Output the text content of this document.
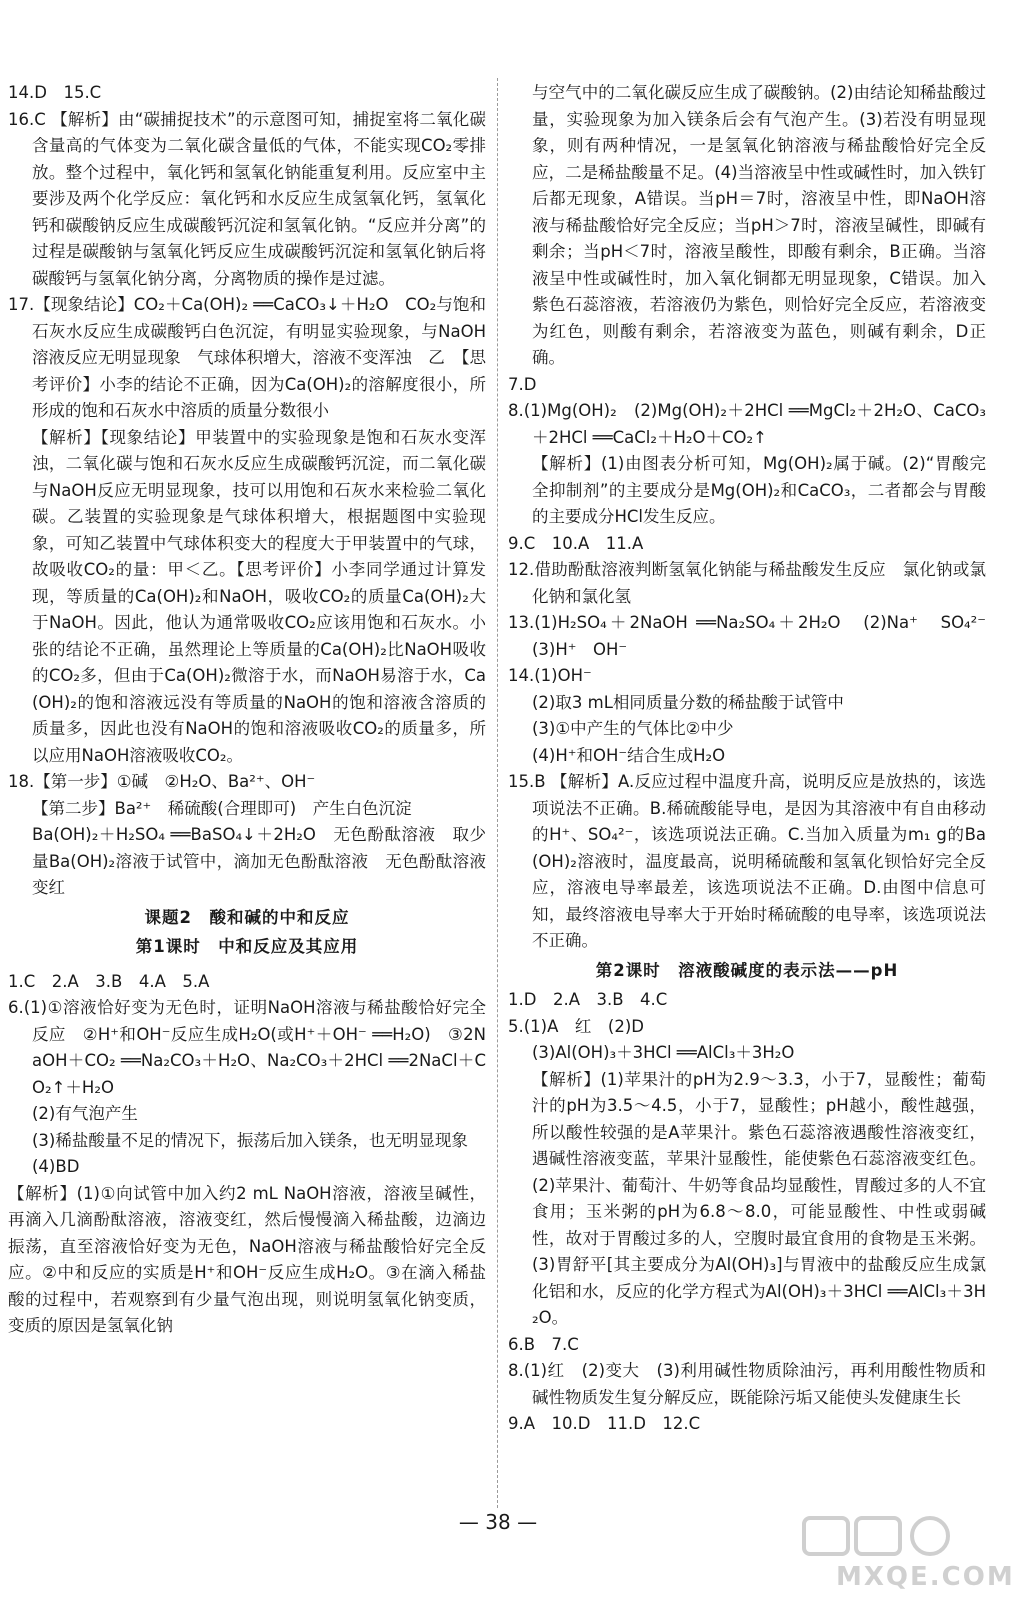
14.D　15.C

16.C 【解析】由“碳捕捉技术”的示意图可知，捕捉室将二氧化碳含量高的气体变为二氧化碳含量低的气体，不能实现CO₂零排放。整个过程中，氧化钙和氢氧化钠能重复利用。反应室中主要涉及两个化学反应：氧化钙和水反应生成氢氧化钙，氢氧化钙和碳酸钠反应生成碳酸钙沉淀和氢氧化钠。“反应并分离”的过程是碳酸钠与氢氧化钙反应生成碳酸钙沉淀和氢氧化钠后将碳酸钙与氢氧化钠分离，分离物质的操作是过滤。

17.【现象结论】CO₂＋Ca(OH)₂ ══CaCO₃↓＋H₂O　CO₂与饱和石灰水反应生成碳酸钙白色沉淀，有明显实验现象，与NaOH溶液反应无明显现象　气球体积增大，溶液不变浑浊　乙　【思考评价】小李的结论不正确，因为Ca(OH)₂的溶解度很小，所形成的饱和石灰水中溶质的质量分数很小

【解析】【现象结论】甲装置中的实验现象是饱和石灰水变浑浊，二氧化碳与饱和石灰水反应生成碳酸钙沉淀，而二氧化碳与NaOH反应无明显现象，技可以用饱和石灰水来检验二氧化碳。乙装置的实验现象是气球体积增大，根据题图中实验现象，可知乙装置中气球体积变大的程度大于甲装置中的气球，故吸收CO₂的量：甲＜乙。【思考评价】小李同学通过计算发现，等质量的Ca(OH)₂和NaOH，吸收CO₂的质量Ca(OH)₂大于NaOH。因此，他认为通常吸收CO₂应该用饱和石灰水。小张的结论不正确，虽然理论上等质量的Ca(OH)₂比NaOH吸收的CO₂多，但由于Ca(OH)₂微溶于水，而NaOH易溶于水，Ca(OH)₂的饱和溶液远没有等质量的NaOH的饱和溶液含溶质的质量多，因此也没有NaOH的饱和溶液吸收CO₂的质量多，所以应用NaOH溶液吸收CO₂。

18.【第一步】①碱　②H₂O、Ba²⁺、OH⁻

【第二步】Ba²⁺　稀硫酸(合理即可)　产生白色沉淀

Ba(OH)₂＋H₂SO₄ ══BaSO₄↓＋2H₂O　无色酚酞溶液　取少量Ba(OH)₂溶液于试管中，滴加无色酚酞溶液　无色酚酞溶液变红

课题2　酸和碱的中和反应

第1课时　中和反应及其应用

1.C　2.A　3.B　4.A　5.A

6.(1)①溶液恰好变为无色时，证明NaOH溶液与稀盐酸恰好完全反应　②H⁺和OH⁻反应生成H₂O(或H⁺＋OH⁻ ══H₂O)　③2NaOH＋CO₂ ══Na₂CO₃＋H₂O、Na₂CO₃＋2HCl ══2NaCl＋CO₂↑＋H₂O

(2)有气泡产生

(3)稀盐酸量不足的情况下，振荡后加入镁条，也无明显现象

(4)BD

【解析】(1)①向试管中加入约2 mL NaOH溶液，溶液呈碱性，再滴入几滴酚酞溶液，溶液变红，然后慢慢滴入稀盐酸，边滴边振荡，直至溶液恰好变为无色，NaOH溶液与稀盐酸恰好完全反应。②中和反应的实质是H⁺和OH⁻反应生成H₂O。③在滴入稀盐酸的过程中，若观察到有少量气泡出现，则说明氢氧化钠变质，变质的原因是氢氧化钠

与空气中的二氧化碳反应生成了碳酸钠。(2)由结论知稀盐酸过量，实验现象为加入镁条后会有气泡产生。(3)若没有明显现象，则有两种情况，一是氢氧化钠溶液与稀盐酸恰好完全反应，二是稀盐酸量不足。(4)当溶液呈中性或碱性时，加入铁钉后都无现象，A错误。当pH＝7时，溶液呈中性，即NaOH溶液与稀盐酸恰好完全反应；当pH＞7时，溶液呈碱性，即碱有剩余；当pH＜7时，溶液呈酸性，即酸有剩余，B正确。当溶液呈中性或碱性时，加入氧化铜都无明显现象，C错误。加入紫色石蕊溶液，若溶液仍为紫色，则恰好完全反应，若溶液变为红色，则酸有剩余，若溶液变为蓝色，则碱有剩余，D正确。

7.D

8.(1)Mg(OH)₂　(2)Mg(OH)₂＋2HCl ══MgCl₂＋2H₂O、CaCO₃＋2HCl ══CaCl₂＋H₂O＋CO₂↑

【解析】(1)由图表分析可知，Mg(OH)₂属于碱。(2)“胃酸完全抑制剂”的主要成分是Mg(OH)₂和CaCO₃，二者都会与胃酸的主要成分HCl发生反应。

9.C　10.A　11.A

12.借助酚酞溶液判断氢氧化钠能与稀盐酸发生反应　氯化钠或氯化钠和氯化氢

13.(1)H₂SO₄＋2NaOH ══Na₂SO₄＋2H₂O　(2)Na⁺　SO₄²⁻　(3)H⁺　OH⁻

14.(1)OH⁻

(2)取3 mL相同质量分数的稀盐酸于试管中

(3)①中产生的气体比②中少

(4)H⁺和OH⁻结合生成H₂O

15.B 【解析】A.反应过程中温度升高，说明反应是放热的，该选项说法不正确。B.稀硫酸能导电，是因为其溶液中有自由移动的H⁺、SO₄²⁻，该选项说法正确。C.当加入质量为m₁ g的Ba(OH)₂溶液时，温度最高，说明稀硫酸和氢氧化钡恰好完全反应，溶液电导率最差，该选项说法不正确。D.由图中信息可知，最终溶液电导率大于开始时稀硫酸的电导率，该选项说法不正确。

第2课时　溶液酸碱度的表示法——pH

1.D　2.A　3.B　4.C

5.(1)A　红　(2)D

(3)Al(OH)₃＋3HCl ══AlCl₃＋3H₂O

【解析】(1)苹果汁的pH为2.9～3.3，小于7，显酸性；葡萄汁的pH为3.5～4.5，小于7，显酸性；pH越小，酸性越强，所以酸性较强的是A苹果汁。紫色石蕊溶液遇酸性溶液变红，遇碱性溶液变蓝，苹果汁显酸性，能使紫色石蕊溶液变红色。(2)苹果汁、葡萄汁、牛奶等食品均显酸性，胃酸过多的人不宜食用；玉米粥的pH为6.8～8.0，可能显酸性、中性或弱碱性，故对于胃酸过多的人，空腹时最宜食用的食物是玉米粥。(3)胃舒平[其主要成分为Al(OH)₃]与胃液中的盐酸反应生成氯化铝和水，反应的化学方程式为Al(OH)₃＋3HCl ══AlCl₃＋3H₂O。

6.B　7.C

8.(1)红　(2)变大　(3)利用碱性物质除油污，再利用酸性物质和碱性物质发生复分解反应，既能除污垢又能使头发健康生长

9.A　10.D　11.D　12.C

— 38 —
MXQE.COM
